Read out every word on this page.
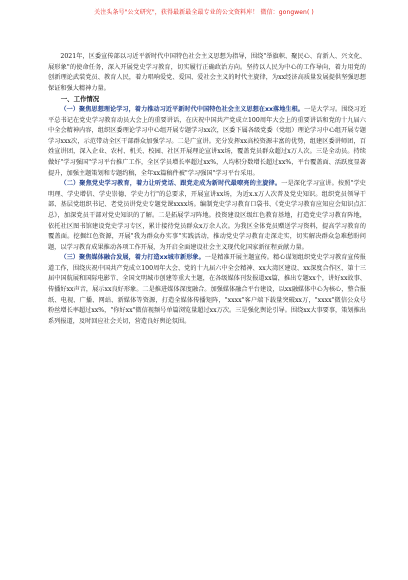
关注头条号"公文研究"，获得最新最全最专业的公文资料库！ 微信：gongwen( )

2021年，区委宣传部以习近平新时代中国特色社会主义思想为指导，围绕"举旗帜、聚民心、育新人、兴文化、展形象"的使命任务，深入开展党史学习教育，切实履行正确政治方向。坚持以人民为中心的工作导向，着力用党的创新理论武装党员、教育人民，着力唱响爱党、爱国、爱社会主义的时代主旋律，为xx经济高质量发展提供坚强思想保证和强大精神力量。

一、工作情况

（一）聚焦思想理论学习，着力推动习近平新时代中国特色社会主义思想在xx落地生根。一是大学习。围绕习近平总书记在党史学习教育动员大会上的重要讲话，在庆祝中国共产党成立100周年大会上的重要讲话和党的十九届六中全会精神内容，组织区委理论学习中心组开展专题学习xx次，区委下属各级党委（党组）理论学习中心组开展专题学习xxx次，示范带动全区干部群众加强学习。二是广宣讲。充分发挥xx高校资源丰富的优势，组建区委讲师团，百姓宣讲团，深入企业、农村、机关、校园、社区开展理论宣讲xx场，覆盖党员群众超过x万人次。三是全动员。持续做好"学习强国"学习平台推广工作，全区学员增长率超过xx%，人均积分数增长超过xx%，平台覆盖面、活跃度显著提升，加强主题策划和专题约稿，全年xx篇稿件被"学习强国"学习平台采用。

（二）聚焦党史学习教育，着力让听党话、跟党走成为新时代最嘹亮的主旋律。一是深化学习宣讲。按照"学史明理、学史增信、学史崇德、学史力行"的总要求，开展宣讲xx场，为近x.x万人次普及党史知识。组织党员领导干部、基层党组织书记、老党员讲党史专题党课xxxx场。编制党史学习教育口袋书、《党史学习教育应知应会知识点汇总》，加深党员干部对党史知识的了解。二是拓展学习阵地。投资建设区级红色教育基地，打造党史学习教育阵地，依托社区图书馆建设党史学习专区，累计接待党员群众x万余人次。为我区全体党员赠送学习资料，提高学习教育的覆盖面。挖掘红色资源，开展"我为群众办实事"实践活动，推动党史学习教育走深走实，切实解决群众急难愁盼问题，以学习教育成果推动各项工作开展，为开启全面建设社会主义现代化国家新征程贡献力量。

（三）聚焦媒体融合发展，着力打造xx城市新形象。一是精准开展主题宣传。精心谋划组织党史学习教育宣传报道工作，围绕庆祝中国共产党成立100周年大会、党的十九届六中全会精神、xx大湾区建设、xx深度合作区、第十三届中国航展和国际电影节、全国文明城市创建等重大主题，在各级媒体刊发报道xx篇，推出专题xx个，讲好xx故事、传播好xx声音，展示xx良好形象。二是推进媒体深度融合。加强媒体融合平台建设，以xx融媒体中心为核心，整合报纸、电视、广播、网站、新媒体等资源，打造全媒体传播矩阵，"xxxx"客户端下载量突破xx万，"xxxx"微信公众号粉丝增长率超过xx%，"你好xx"微信视频号单篇浏览量超过xx万次。三是强化舆论引导。围绕xx大事要事，策划推出系列报道，及时回应社会关切，营造良好舆论氛围。
